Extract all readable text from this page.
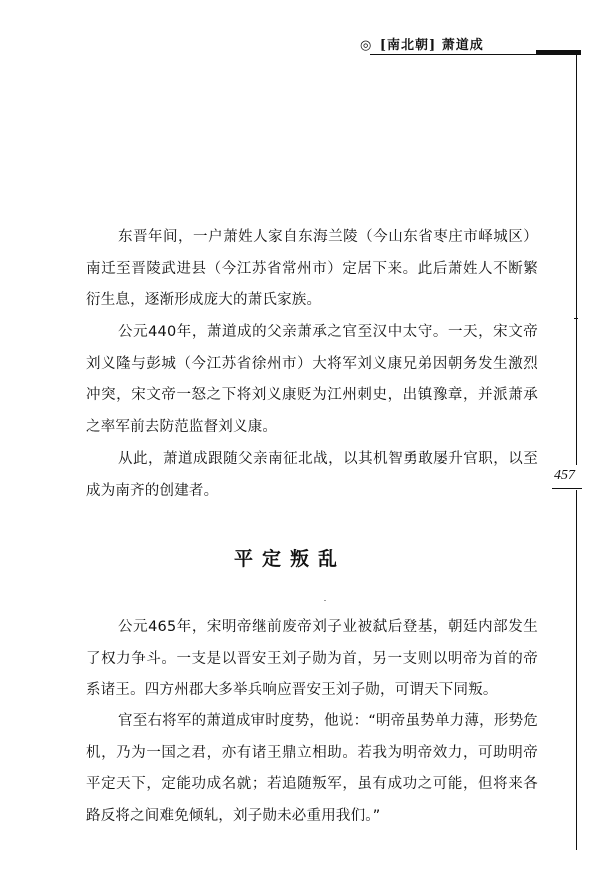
◎ [南北朝] 萧道成
457

东晋年间，一户萧姓人家自东海兰陵（今山东省枣庄市峄城区）南迁至晋陵武进县（今江苏省常州市）定居下来。此后萧姓人不断繁衍生息，逐渐形成庞大的萧氏家族。

公元440年，萧道成的父亲萧承之官至汉中太守。一天，宋文帝刘义隆与彭城（今江苏省徐州市）大将军刘义康兄弟因朝务发生激烈冲突，宋文帝一怒之下将刘义康贬为江州刺史，出镇豫章，并派萧承之率军前去防范监督刘义康。

从此，萧道成跟随父亲南征北战，以其机智勇敢屡升官职，以至成为南齐的创建者。

平定叛乱

公元465年，宋明帝继前废帝刘子业被弑后登基，朝廷内部发生了权力争斗。一支是以晋安王刘子勋为首，另一支则以明帝为首的帝系诸王。四方州郡大多举兵响应晋安王刘子勋，可谓天下同叛。

官至右将军的萧道成审时度势，他说：“明帝虽势单力薄，形势危机，乃为一国之君，亦有诸王鼎立相助。若我为明帝效力，可助明帝平定天下，定能功成名就；若追随叛军，虽有成功之可能，但将来各路反将之间难免倾轧，刘子勋未必重用我们。”
